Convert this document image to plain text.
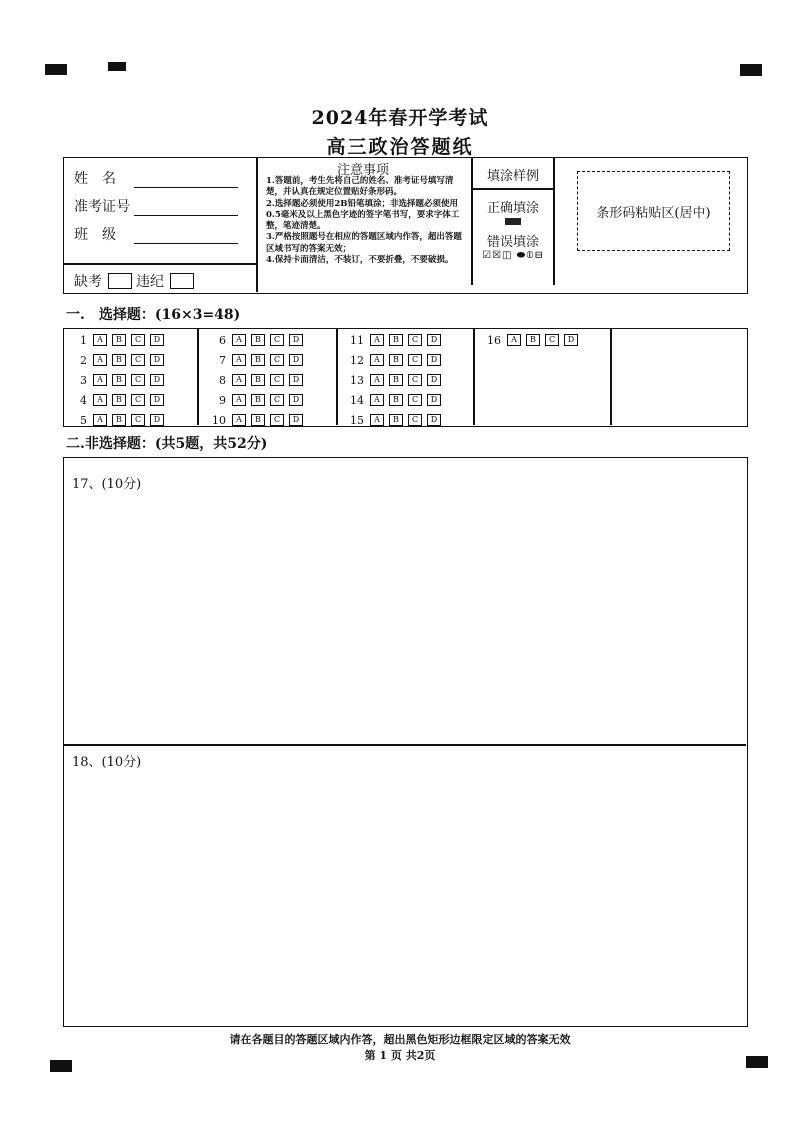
2024年春开学考试
高三政治答题纸
姓　名
准考证号
班　级
缺考 违纪
注意事项
1.答题前，考生先将自己的姓名、准考证号填写清楚，并认真在规定位置贴好条形码。
2.选择题必须使用2B铅笔填涂；非选择题必须使用0.5毫米及以上黑色字迹的签字笔书写，要求字体工整，笔迹清楚。
3.严格按照题号在相应的答题区域内作答，超出答题区域书写的答案无效；
4.保持卡面清洁，不装订，不要折叠，不要破损。
填涂样例
正确填涂
错误填涂
☑☒◫ ⬬⦶⊟
条形码粘贴区(居中)
一.　选择题：(16×3=48)
1	A	B	C	D
2	A	B	C	D
3	A	B	C	D
4	A	B	C	D
5	A	B	C	D
6	A	B	C	D
7	A	B	C	D
8	A	B	C	D
9	A	B	C	D
10	A	B	C	D
11	A	B	C	D
12	A	B	C	D
13	A	B	C	D
14	A	B	C	D
15	A	B	C	D
16	A	B	C	D
二.非选择题：(共5题，共52分)
17、(10分)
18、(10分)
请在各题目的答题区域内作答，超出黑色矩形边框限定区域的答案无效
第 1 页 共2页
